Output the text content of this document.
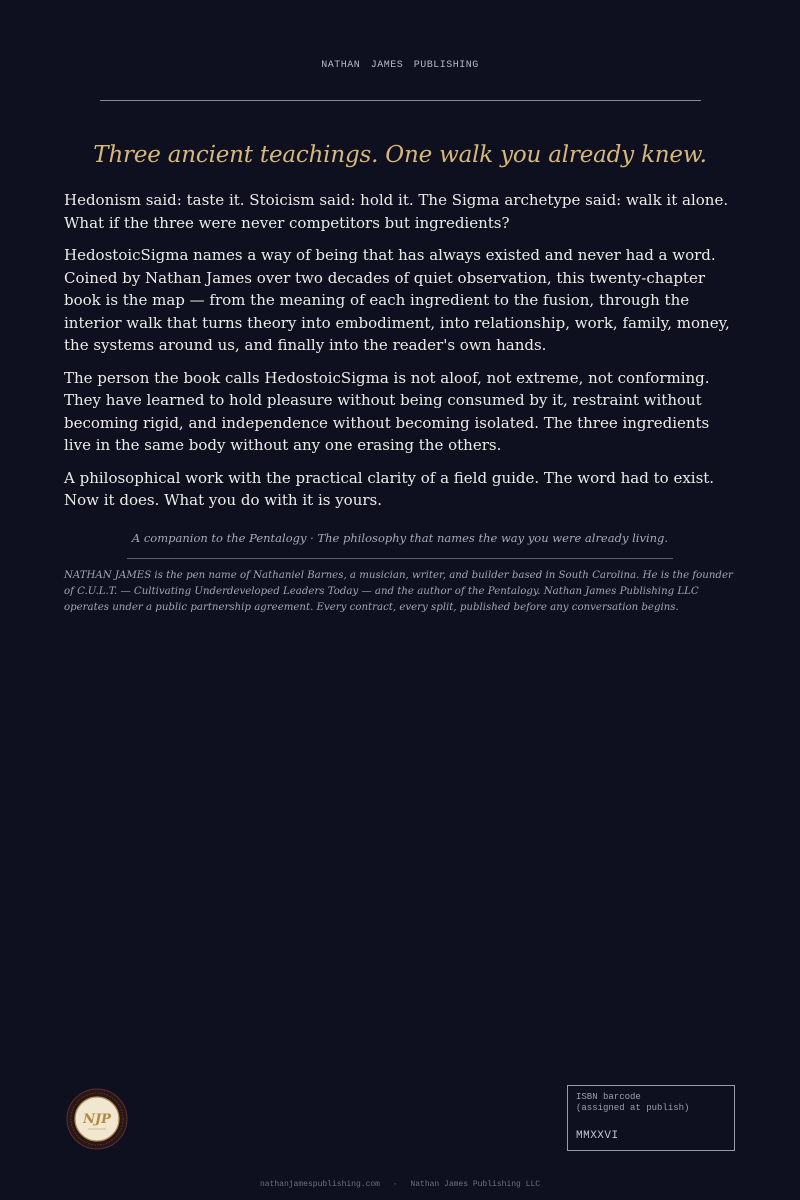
NATHAN JAMES PUBLISHING
Three ancient teachings. One walk you already knew.

Hedonism said: taste it. Stoicism said: hold it. The Sigma archetype said: walk it alone. What if the three were never competitors but ingredients?

HedostoicSigma names a way of being that has always existed and never had a word. Coined by Nathan James over two decades of quiet observation, this twenty-chapter book is the map — from the meaning of each ingredient to the fusion, through the interior walk that turns theory into embodiment, into relationship, work, family, money, the systems around us, and finally into the reader's own hands.

The person the book calls HedostoicSigma is not aloof, not extreme, not conforming. They have learned to hold pleasure without being consumed by it, restraint without becoming rigid, and independence without becoming isolated. The three ingredients live in the same body without any one erasing the others.

A philosophical work with the practical clarity of a field guide. The word had to exist. Now it does. What you do with it is yours.

A companion to the Pentalogy · The philosophy that names the way you were already living.

NATHAN JAMES is the pen name of Nathaniel Barnes, a musician, writer, and builder based in South Carolina. He is the founder of C.U.L.T. — Cultivating Underdeveloped Leaders Today — and the author of the Pentalogy. Nathan James Publishing LLC operates under a public partnership agreement. Every contract, every split, published before any conversation begins.

NJP
ISBN barcode
(assigned at publish)
MMXXVI
nathanjamespublishing.com · Nathan James Publishing LLC
